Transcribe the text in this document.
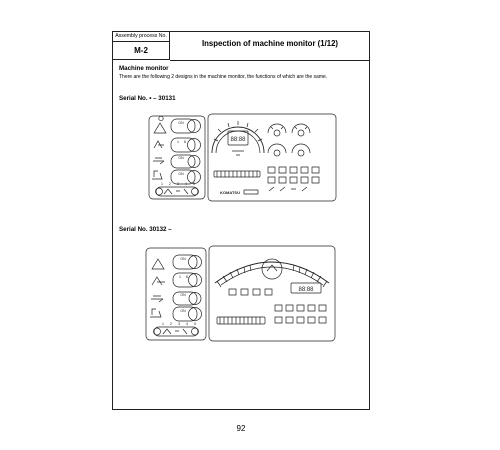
Assembly process No.
M-2
Inspection of machine monitor (1/12)
Machine monitor
There are the following 2 designs in the machine monitor, the functions of which are the same.
Serial No. • – 30131
Serial No. 30132 –
ON
1 8
ON
ON
1 2 3 4 5
88:88
KOMATSU
ON
1 8
ON
ON
1 2 3 4 5
88:88
92
